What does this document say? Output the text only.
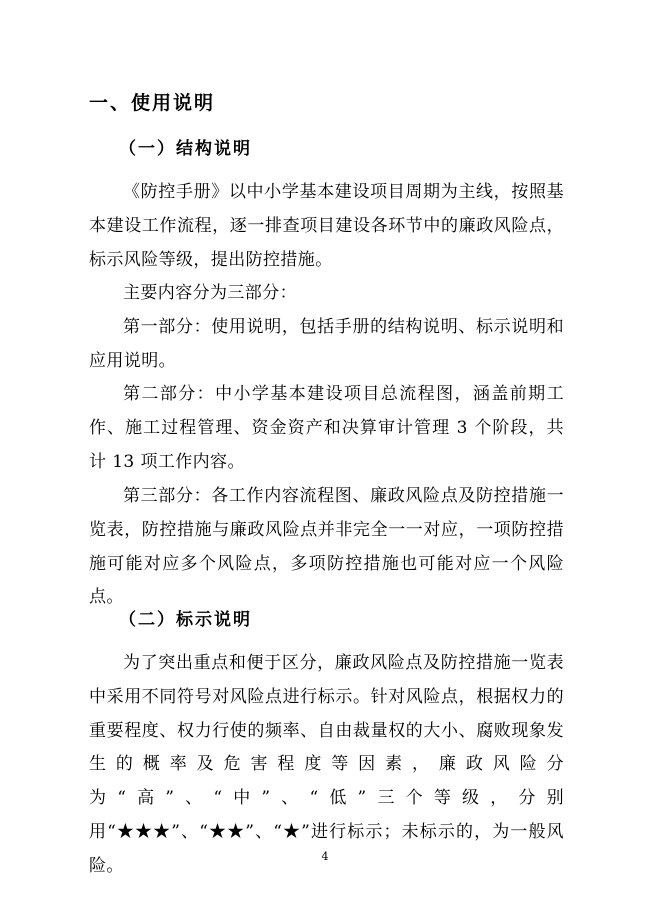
一、使用说明
（一）结构说明
《防控手册》以中小学基本建设项目周期为主线，按照基本建设工作流程，逐一排查项目建设各环节中的廉政风险点，标示风险等级，提出防控措施。
主要内容分为三部分：
第一部分：使用说明，包括手册的结构说明、标示说明和应用说明。
第二部分：中小学基本建设项目总流程图，涵盖前期工作、施工过程管理、资金资产和决算审计管理 3 个阶段，共计 13 项工作内容。
第三部分：各工作内容流程图、廉政风险点及防控措施一览表，防控措施与廉政风险点并非完全一一对应，一项防控措施可能对应多个风险点，多项防控措施也可能对应一个风险点。
（二）标示说明
为了突出重点和便于区分，廉政风险点及防控措施一览表中采用不同符号对风险点进行标示。针对风险点，根据权力的重要程度、权力行使的频率、自由裁量权的大小、腐败现象发生的概率及危害程度等因素，廉政风险分为“高”、“中”、“低”三个等级，分别用“★★★”、“★★”、“★”进行标示；未标示的，为一般风险。	4
